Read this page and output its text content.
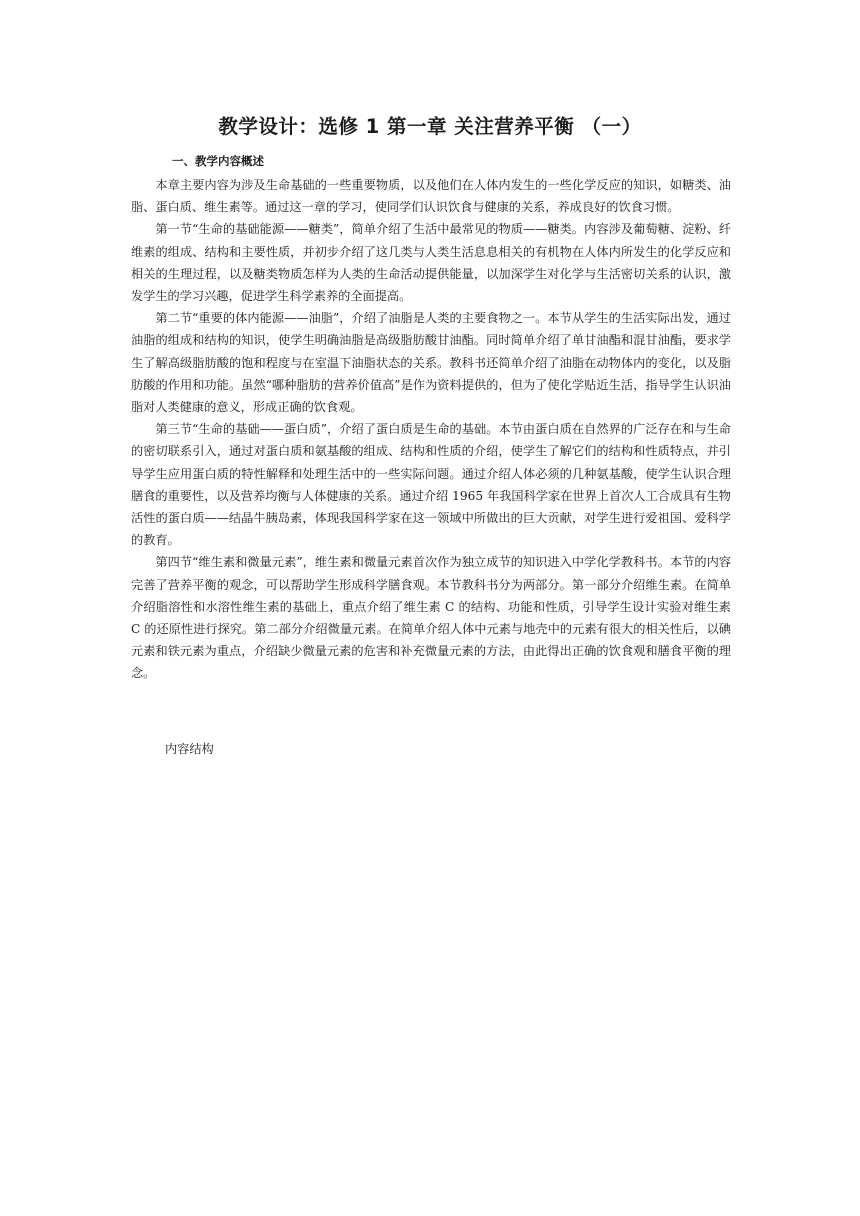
教学设计：选修 1 第一章 关注营养平衡 （一）
一、教学内容概述

本章主要内容为涉及生命基础的一些重要物质，以及他们在人体内发生的一些化学反应的知识，如糖类、油脂、蛋白质、维生素等。通过这一章的学习，使同学们认识饮食与健康的关系，养成良好的饮食习惯。

第一节“生命的基础能源——糖类”，简单介绍了生活中最常见的物质——糖类。内容涉及葡萄糖、淀粉、纤维素的组成、结构和主要性质，并初步介绍了这几类与人类生活息息相关的有机物在人体内所发生的化学反应和相关的生理过程，以及糖类物质怎样为人类的生命活动提供能量，以加深学生对化学与生活密切关系的认识，激发学生的学习兴趣，促进学生科学素养的全面提高。

第二节“重要的体内能源——油脂”，介绍了油脂是人类的主要食物之一。本节从学生的生活实际出发，通过油脂的组成和结构的知识，使学生明确油脂是高级脂肪酸甘油酯。同时简单介绍了单甘油酯和混甘油酯，要求学生了解高级脂肪酸的饱和程度与在室温下油脂状态的关系。教科书还简单介绍了油脂在动物体内的变化，以及脂肪酸的作用和功能。虽然“哪种脂肪的营养价值高”是作为资料提供的，但为了使化学贴近生活，指导学生认识油脂对人类健康的意义，形成正确的饮食观。

第三节“生命的基础——蛋白质”，介绍了蛋白质是生命的基础。本节由蛋白质在自然界的广泛存在和与生命的密切联系引入，通过对蛋白质和氨基酸的组成、结构和性质的介绍，使学生了解它们的结构和性质特点，并引导学生应用蛋白质的特性解释和处理生活中的一些实际问题。通过介绍人体必须的几种氨基酸，使学生认识合理膳食的重要性，以及营养均衡与人体健康的关系。通过介绍 1965 年我国科学家在世界上首次人工合成具有生物活性的蛋白质——结晶牛胰岛素，体现我国科学家在这一领域中所做出的巨大贡献，对学生进行爱祖国、爱科学的教育。

第四节“维生素和微量元素”，维生素和微量元素首次作为独立成节的知识进入中学化学教科书。本节的内容完善了营养平衡的观念，可以帮助学生形成科学膳食观。本节教科书分为两部分。第一部分介绍维生素。在简单介绍脂溶性和水溶性维生素的基础上，重点介绍了维生素 C 的结构、功能和性质，引导学生设计实验对维生素 C 的还原性进行探究。第二部分介绍微量元素。在简单介绍人体中元素与地壳中的元素有很大的相关性后，以碘元素和铁元素为重点，介绍缺少微量元素的危害和补充微量元素的方法，由此得出正确的饮食观和膳食平衡的理念。

内容结构
